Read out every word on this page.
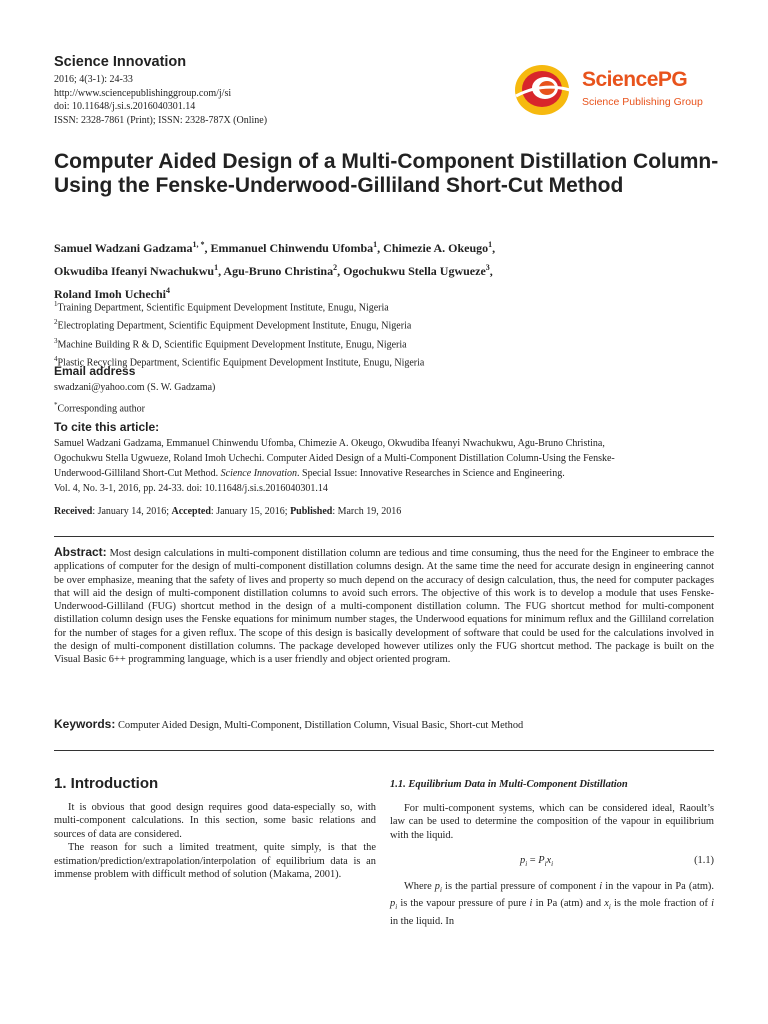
Science Innovation
2016; 4(3-1): 24-33
http://www.sciencepublishinggroup.com/j/si
doi: 10.11648/j.si.s.2016040301.14
ISSN: 2328-7861 (Print); ISSN: 2328-787X (Online)
SciencePG
Science Publishing Group
Computer Aided Design of a Multi-Component Distillation Column-Using the Fenske-Underwood-Gilliland Short-Cut Method
Samuel Wadzani Gadzama$^{1, *}$, Emmanuel Chinwendu Ufomba$^1$, Chimezie A. Okeugo$^1$,
Okwudiba Ifeanyi Nwachukwu$^1$, Agu-Bruno Christina$^2$, Ogochukwu Stella Ugwueze$^3$,
Roland Imoh Uchechi$^4$
$^1$Training Department, Scientific Equipment Development Institute, Enugu, Nigeria
$^2$Electroplating Department, Scientific Equipment Development Institute, Enugu, Nigeria
$^3$Machine Building R & D, Scientific Equipment Development Institute, Enugu, Nigeria
$^4$Plastic Recycling Department, Scientific Equipment Development Institute, Enugu, Nigeria
Email address
swadzani@yahoo.com (S. W. Gadzama)
*Corresponding author
To cite this article:
Samuel Wadzani Gadzama, Emmanuel Chinwendu Ufomba, Chimezie A. Okeugo, Okwudiba Ifeanyi Nwachukwu, Agu-Bruno Christina,
Ogochukwu Stella Ugwueze, Roland Imoh Uchechi. Computer Aided Design of a Multi-Component Distillation Column-Using the Fenske-
Underwood-Gilliland Short-Cut Method. Science Innovation. Special Issue: Innovative Researches in Science and Engineering.
Vol. 4, No. 3-1, 2016, pp. 24-33. doi: 10.11648/j.si.s.2016040301.14
Received: January 14, 2016; Accepted: January 15, 2016; Published: March 19, 2016
Abstract: Most design calculations in multi-component distillation column are tedious and time consuming, thus the need for the Engineer to embrace the applications of computer for the design of multi-component distillation columns design. At the same time the need for accurate design in engineering cannot be over emphasize, meaning that the safety of lives and property so much depend on the accuracy of design calculation, thus, the need for computer packages that will aid the design of multi-component distillation columns to avoid such errors. The objective of this work is to develop a module that uses Fenske-Underwood-Gilliland (FUG) shortcut method in the design of a multi-component distillation column. The FUG shortcut method for multi-component distillation column design uses the Fenske equations for minimum number stages, the Underwood equations for minimum reflux and the Gilliland correlation for the number of stages for a given reflux. The scope of this design is basically development of software that could be used for the calculations involved in the design of multi-component distillation columns. The package developed however utilizes only the FUG shortcut method. The package is built on the Visual Basic 6++ programming language, which is a user friendly and object oriented program.
Keywords: Computer Aided Design, Multi-Component, Distillation Column, Visual Basic, Short-cut Method
1. Introduction

It is obvious that good design requires good data-especially so, with multi-component calculations. In this section, some basic relations and sources of data are considered.

The reason for such a limited treatment, quite simply, is that the estimation/prediction/extrapolation/interpolation of equilibrium data is an immense problem with difficult method of solution (Makama, 2001).

1.1. Equilibrium Data in Multi-Component Distillation

For multi-component systems, which can be considered ideal, Raoult’s law can be used to determine the composition of the vapour in equilibrium with the liquid.

$p_i = P_ix_i$	(1.1)

Where $p_i$ is the partial pressure of component i in the vapour in Pa (atm). $p_i$ is the vapour pressure of pure i in Pa (atm) and $x_i$ is the mole fraction of i in the liquid. In
